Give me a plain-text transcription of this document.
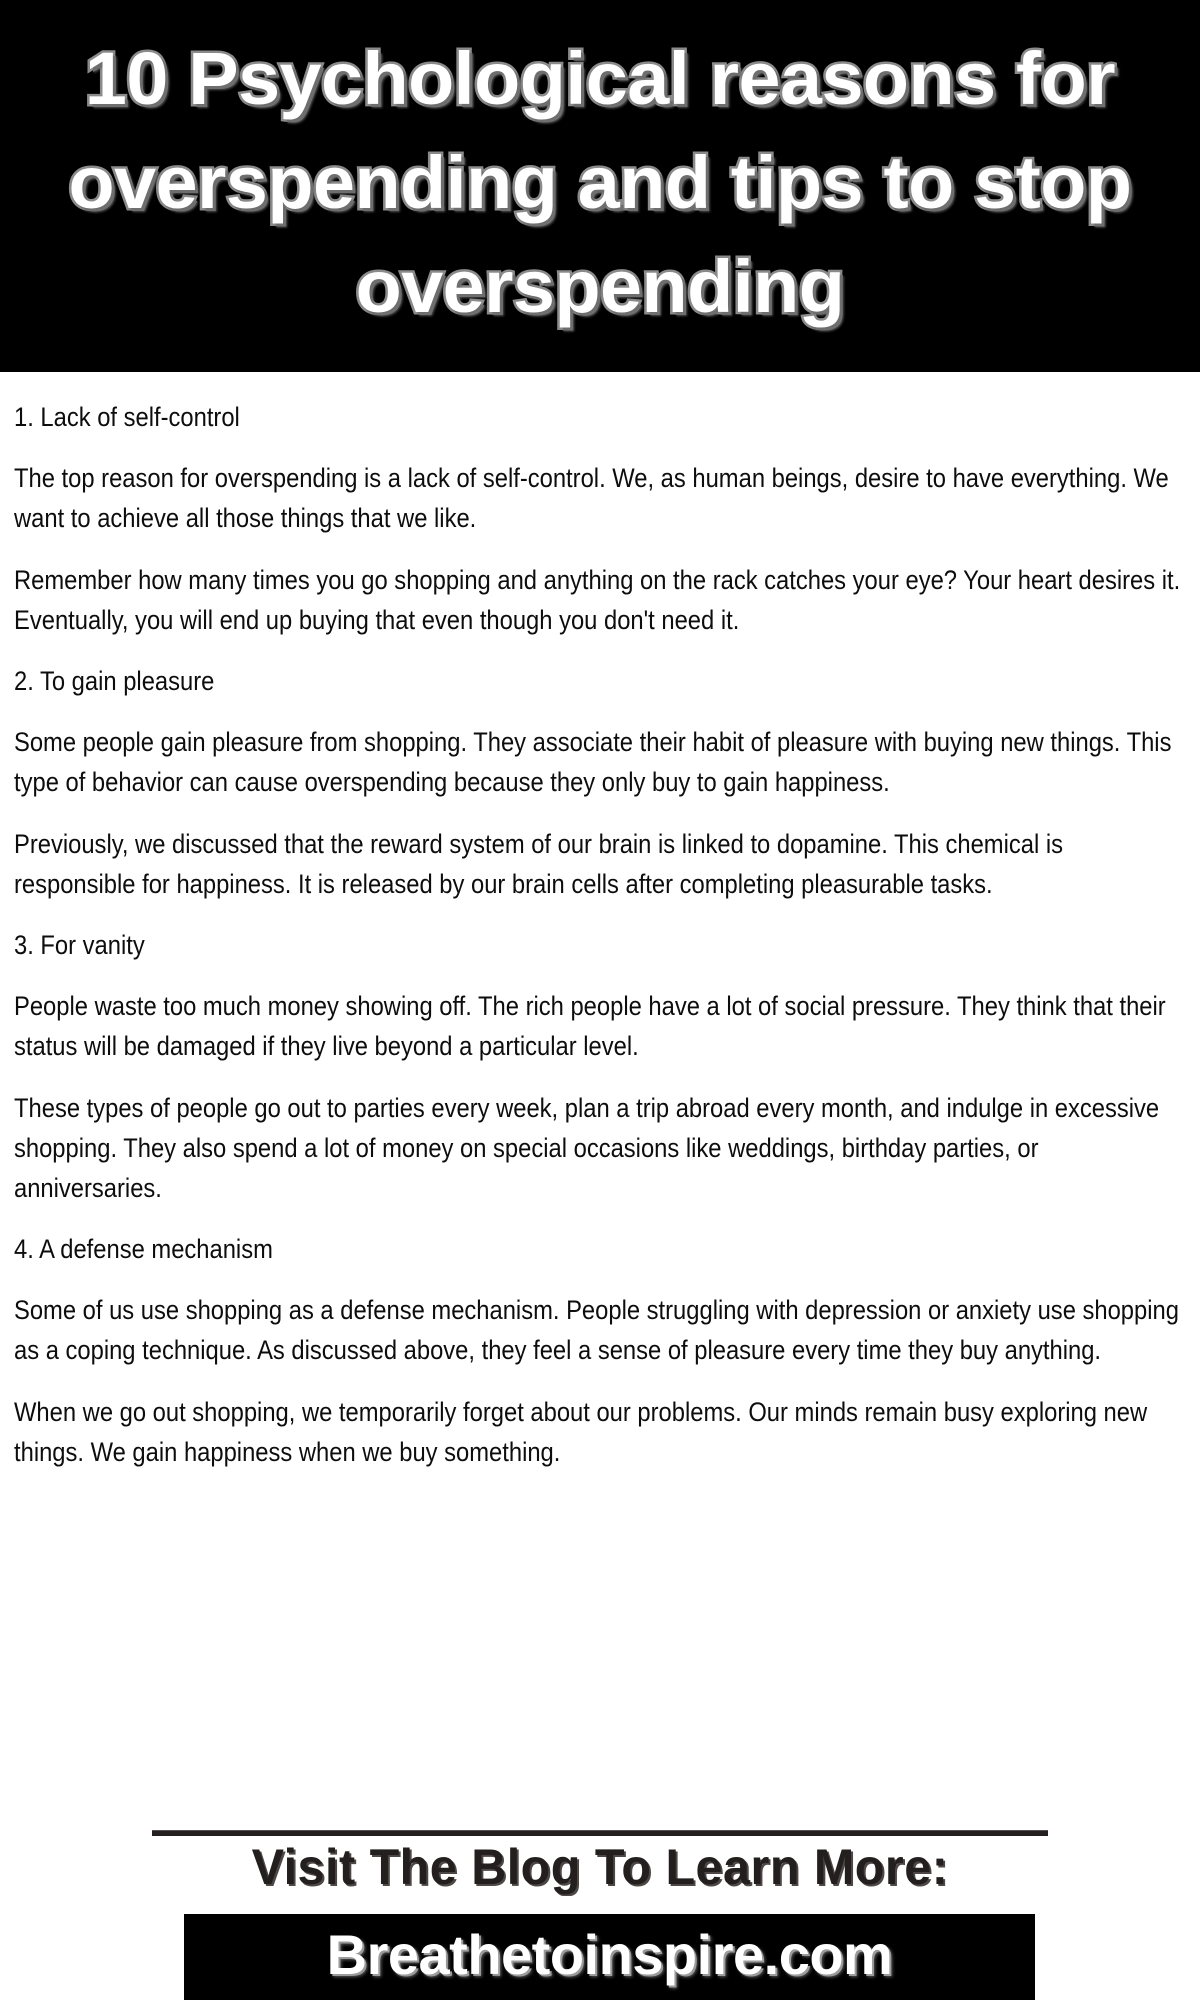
10 Psychological reasons for
overspending and tips to stop
overspending
1. Lack of self-control
The top reason for overspending is a lack of self-control. We, as human beings, desire to have everything. We want to achieve all those things that we like.
Remember how many times you go shopping and anything on the rack catches your eye? Your heart desires it. Eventually, you will end up buying that even though you don't need it.
2. To gain pleasure
Some people gain pleasure from shopping. They associate their habit of pleasure with buying new things. This type of behavior can cause overspending because they only buy to gain happiness.
Previously, we discussed that the reward system of our brain is linked to dopamine. This chemical is responsible for happiness. It is released by our brain cells after completing pleasurable tasks.
3. For vanity
People waste too much money showing off. The rich people have a lot of social pressure. They think that their status will be damaged if they live beyond a particular level.
These types of people go out to parties every week, plan a trip abroad every month, and indulge in excessive shopping. They also spend a lot of money on special occasions like weddings, birthday parties, or anniversaries.
4. A defense mechanism
Some of us use shopping as a defense mechanism. People struggling with depression or anxiety use shopping as a coping technique. As discussed above, they feel a sense of pleasure every time they buy anything.
When we go out shopping, we temporarily forget about our problems. Our minds remain busy exploring new things. We gain happiness when we buy something.
Visit The Blog To Learn More:
Breathetoinspire.com
